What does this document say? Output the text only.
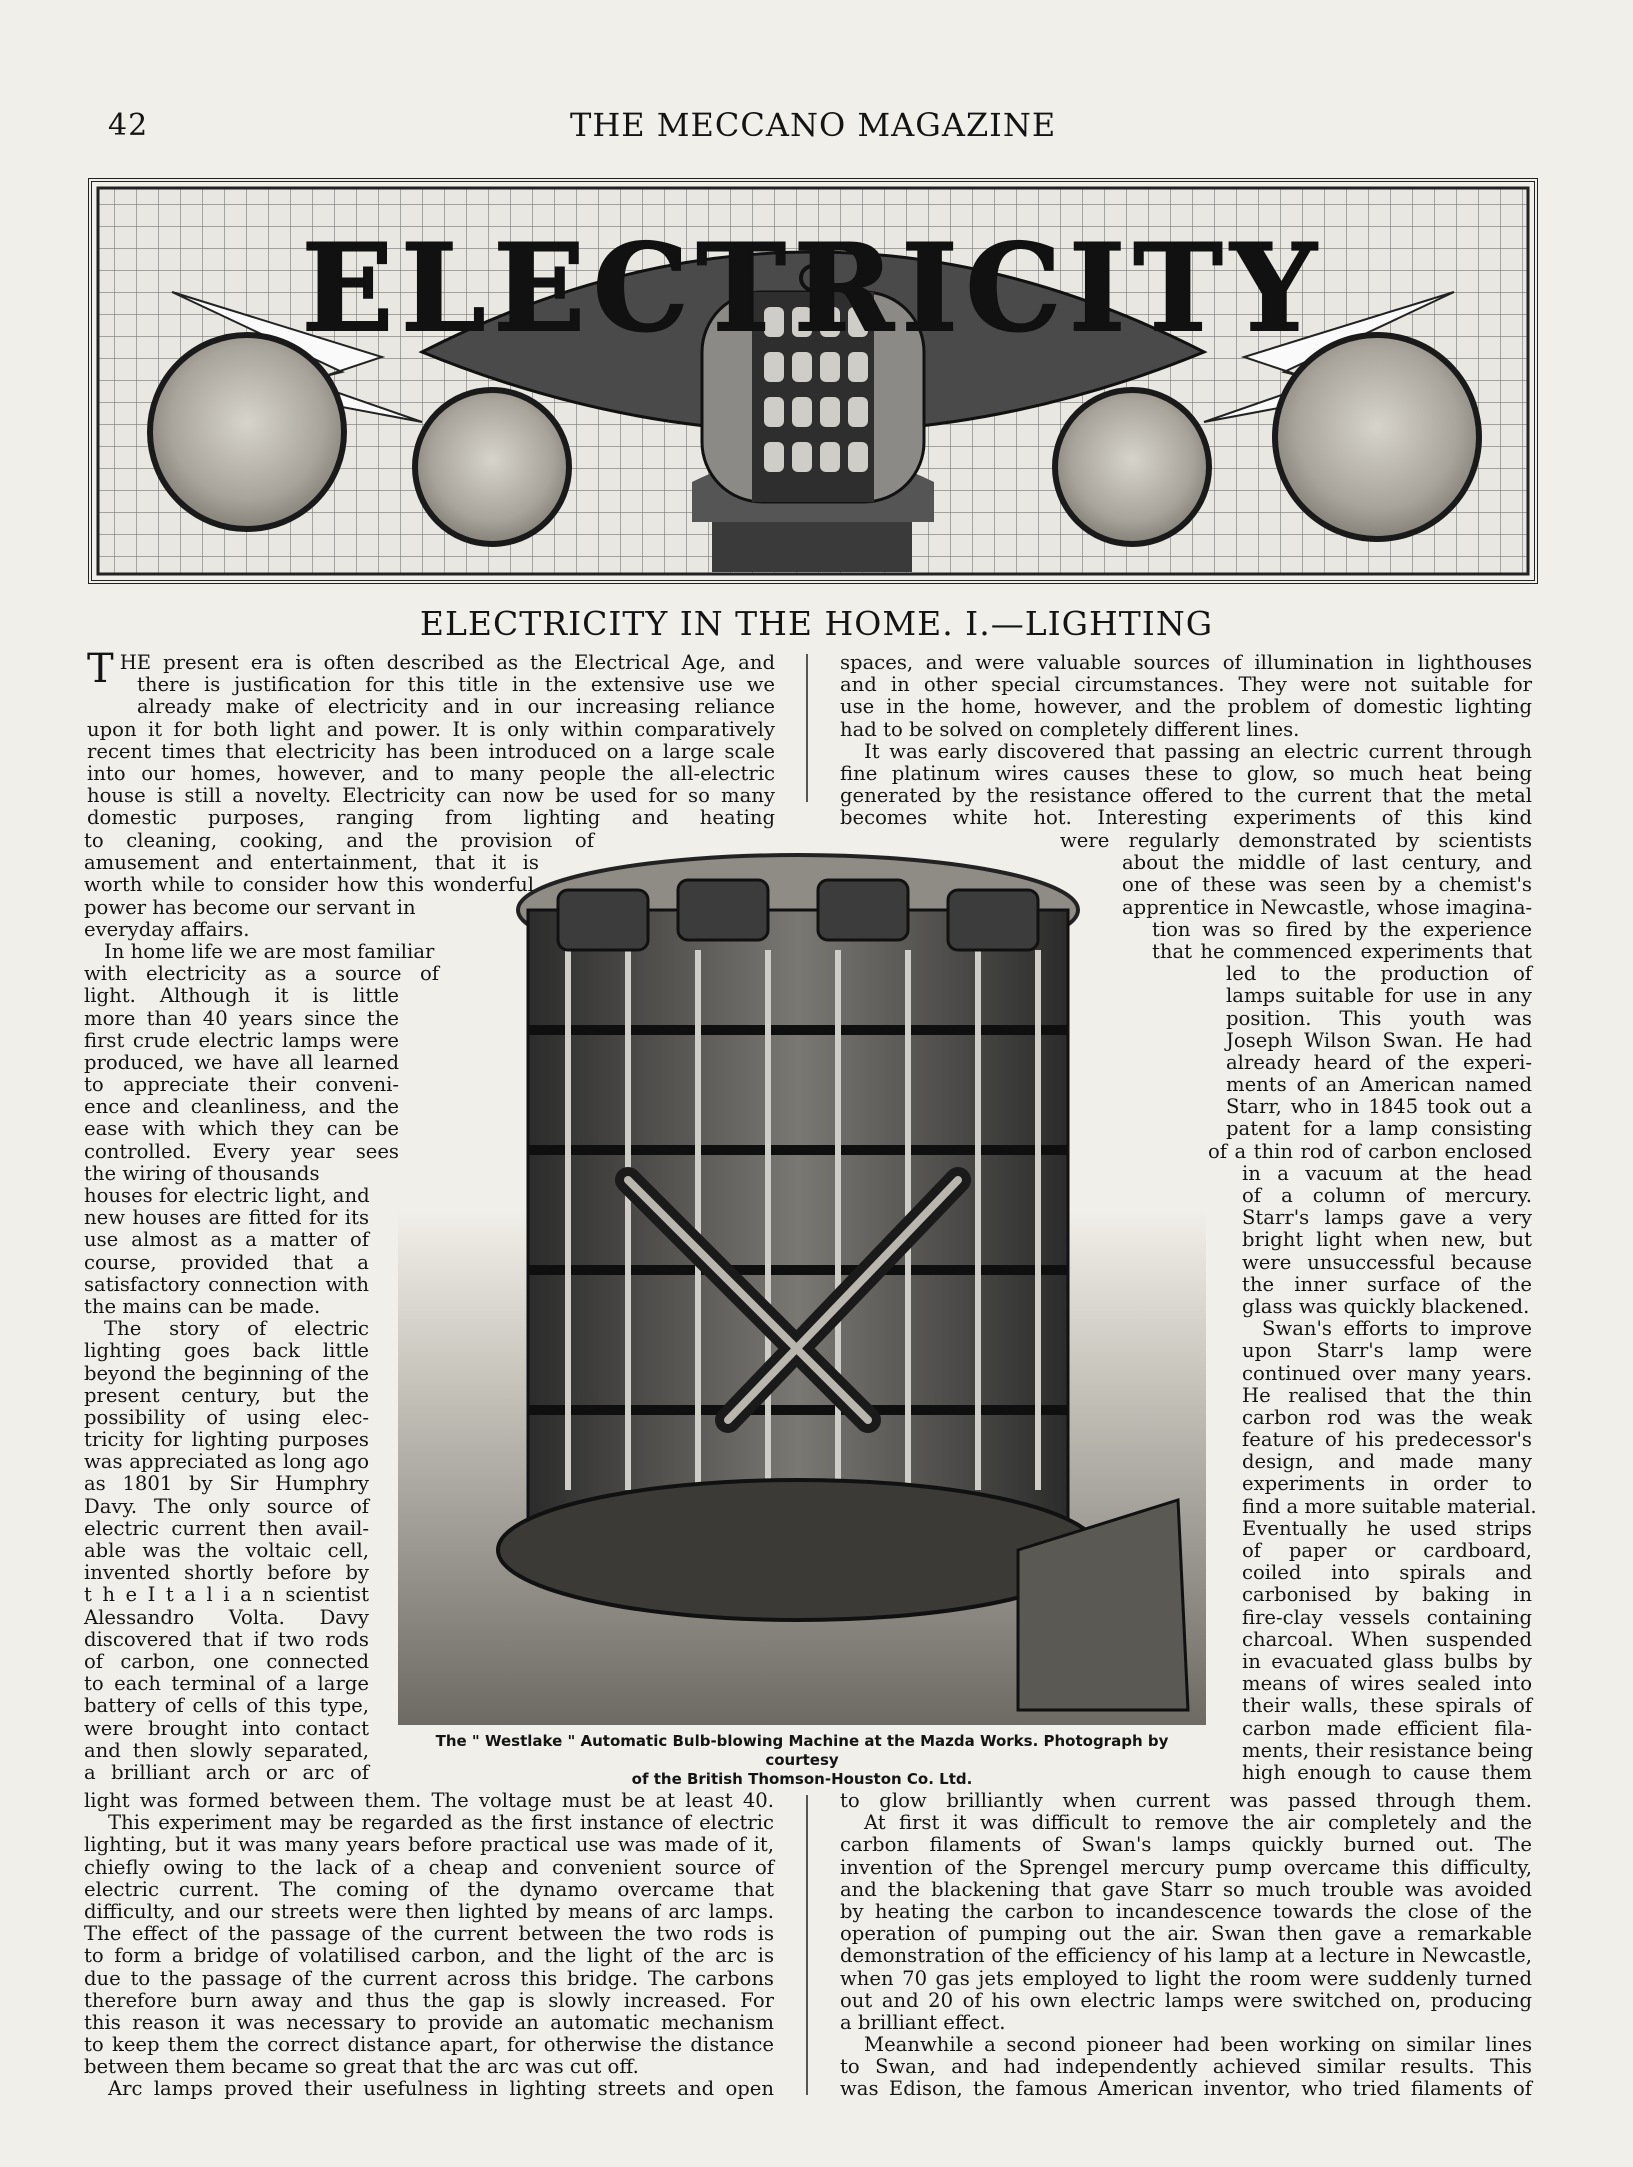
42	THE MECCANO MAGAZINE
ELECTRICITY
ELECTRICITY IN THE HOME. I.—LIGHTING
The " Westlake " Automatic Bulb-blowing Machine at the Mazda Works. Photograph by courtesy
of the British Thomson-Houston Co. Ltd.
THE present era is often described as the Electrical Age, and
there is justification for this title in the extensive use we
already make of electricity and in our increasing reliance
upon it for both light and power. It is only within comparatively
recent times that electricity has been introduced on a large scale
into our homes, however, and to many people the all-electric
house is still a novelty. Electricity can now be used for so many
domestic purposes, ranging from lighting and heating
to cleaning, cooking, and the provision of
amusement and entertainment, that it is
worth while to consider how this wonderful
power has become our servant in
everyday affairs.
In home life we are most familiar
with electricity as a source of
light. Although it is little
more than 40 years since the
first crude electric lamps were
produced, we have all learned
to appreciate their conveni-
ence and cleanliness, and the
ease with which they can be
controlled. Every year sees
the wiring of thousands
houses for electric light, and
new houses are fitted for its
use almost as a matter of
course, provided that a
satisfactory connection with
the mains can be made.
The story of electric
lighting goes back little
beyond the beginning of the
present century, but the
possibility of using elec-
tricity for lighting purposes
was appreciated as long ago
as 1801 by Sir Humphry
Davy. The only source of
electric current then avail-
able was the voltaic cell,
invented shortly before by
t h e I t a l i a n scientist
Alessandro Volta. Davy
discovered that if two rods
of carbon, one connected
to each terminal of a large
battery of cells of this type,
were brought into contact
and then slowly separated,
a brilliant arch or arc of
light was formed between them. The voltage must be at least 40.
This experiment may be regarded as the first instance of electric
lighting, but it was many years before practical use was made of it,
chiefly owing to the lack of a cheap and convenient source of
electric current. The coming of the dynamo overcame that
difficulty, and our streets were then lighted by means of arc lamps.
The effect of the passage of the current between the two rods is
to form a bridge of volatilised carbon, and the light of the arc is
due to the passage of the current across this bridge. The carbons
therefore burn away and thus the gap is slowly increased. For
this reason it was necessary to provide an automatic mechanism
to keep them the correct distance apart, for otherwise the distance
between them became so great that the arc was cut off.
Arc lamps proved their usefulness in lighting streets and open
spaces, and were valuable sources of illumination in lighthouses
and in other special circumstances. They were not suitable for
use in the home, however, and the problem of domestic lighting
had to be solved on completely different lines.
It was early discovered that passing an electric current through
fine platinum wires causes these to glow, so much heat being
generated by the resistance offered to the current that the metal
becomes white hot. Interesting experiments of this kind
were regularly demonstrated by scientists
about the middle of last century, and
one of these was seen by a chemist's
apprentice in Newcastle, whose imagina-
tion was so fired by the experience
that he commenced experiments that
led to the production of
lamps suitable for use in any
position. This youth was
Joseph Wilson Swan. He had
already heard of the experi-
ments of an American named
Starr, who in 1845 took out a
patent for a lamp consisting
of a thin rod of carbon enclosed
in a vacuum at the head
of a column of mercury.
Starr's lamps gave a very
bright light when new, but
were unsuccessful because
the inner surface of the
glass was quickly blackened.
Swan's efforts to improve
upon Starr's lamp were
continued over many years.
He realised that the thin
carbon rod was the weak
feature of his predecessor's
design, and made many
experiments in order to
find a more suitable material.
Eventually he used strips
of paper or cardboard,
coiled into spirals and
carbonised by baking in
fire-clay vessels containing
charcoal. When suspended
in evacuated glass bulbs by
means of wires sealed into
their walls, these spirals of
carbon made efficient fila-
ments, their resistance being
high enough to cause them
to glow brilliantly when current was passed through them.
At first it was difficult to remove the air completely and the
carbon filaments of Swan's lamps quickly burned out. The
invention of the Sprengel mercury pump overcame this difficulty,
and the blackening that gave Starr so much trouble was avoided
by heating the carbon to incandescence towards the close of the
operation of pumping out the air. Swan then gave a remarkable
demonstration of the efficiency of his lamp at a lecture in Newcastle,
when 70 gas jets employed to light the room were suddenly turned
out and 20 of his own electric lamps were switched on, producing
a brilliant effect.
Meanwhile a second pioneer had been working on similar lines
to Swan, and had independently achieved similar results. This
was Edison, the famous American inventor, who tried filaments of
